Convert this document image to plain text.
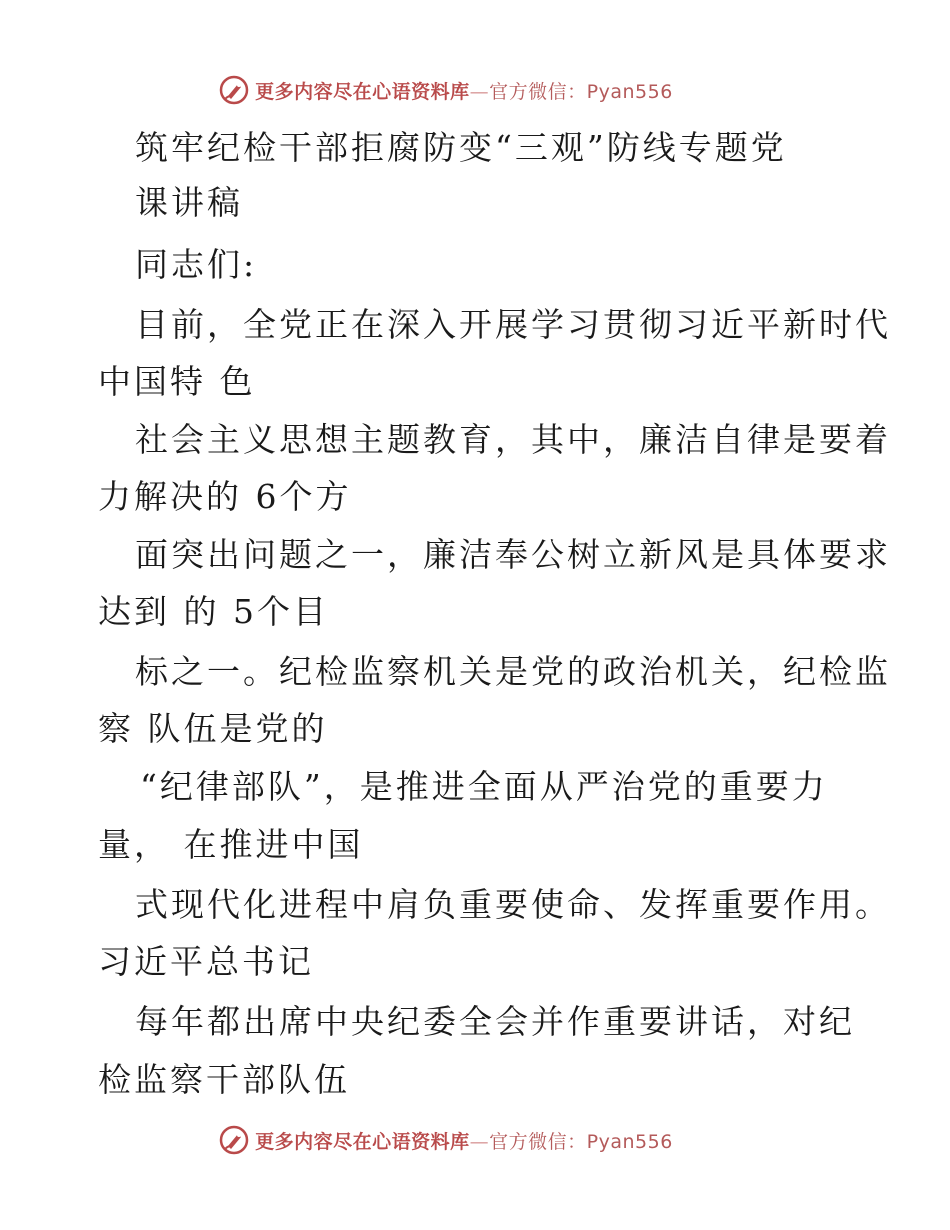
更多内容尽在心语资料库—官方微信：Pyan556
筑牢纪检干部拒腐防变“三观”防线专题党
课讲稿
同志们:
目前，全党正在深入开展学习贯彻习近平新时代
中国特 色
社会主义思想主题教育，其中，廉洁自律是要着
力解决的 6个方
面突出问题之一，廉洁奉公树立新风是具体要求
达到 的 5个目
标之一。纪检监察机关是党的政治机关，纪检监
察 队伍是党的
“纪律部队”，是推进全面从严治党的重要力
量， 在推进中国
式现代化进程中肩负重要使命、发挥重要作用。
习近平总书记
每年都出席中央纪委全会并作重要讲话，对纪
检监察干部队伍
更多内容尽在心语资料库—官方微信：Pyan556
